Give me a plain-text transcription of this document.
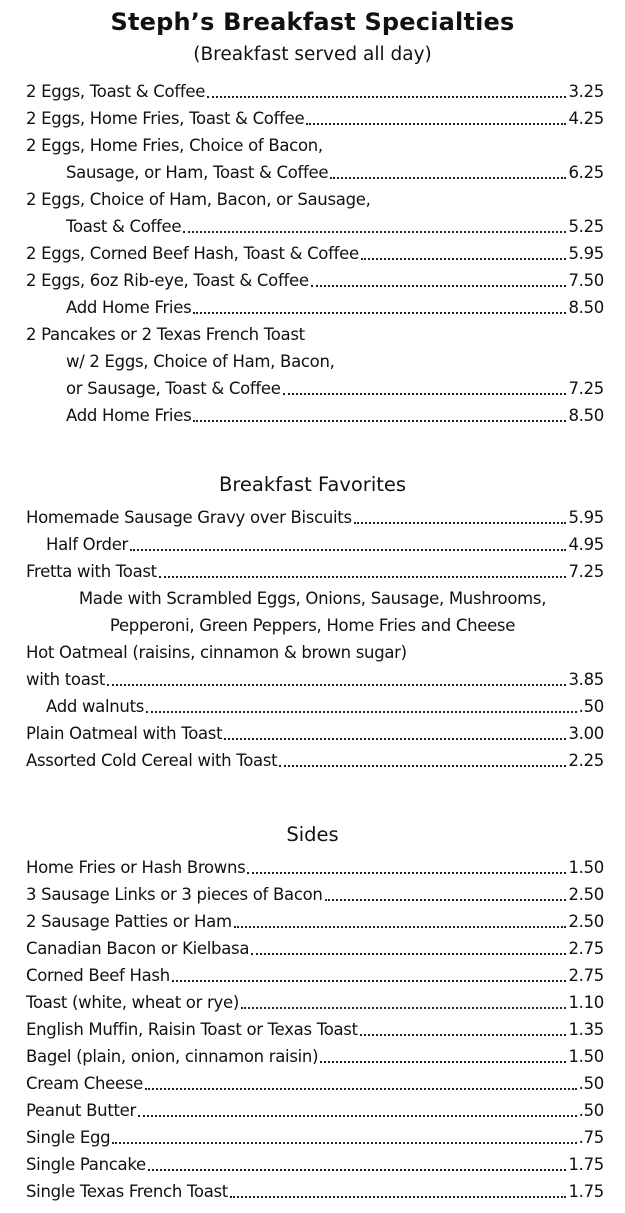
Steph’s Breakfast Specialties
(Breakfast served all day)
2 Eggs, Toast & Coffee	3.25
2 Eggs, Home Fries, Toast & Coffee	4.25
2 Eggs, Home Fries, Choice of Bacon,
Sausage, or Ham, Toast & Coffee	6.25
2 Eggs, Choice of Ham, Bacon, or Sausage,
Toast & Coffee	5.25
2 Eggs, Corned Beef Hash, Toast & Coffee	5.95
2 Eggs, 6oz Rib-eye, Toast & Coffee	7.50
Add Home Fries	8.50
2 Pancakes or 2 Texas French Toast
w/ 2 Eggs, Choice of Ham, Bacon,
or Sausage, Toast & Coffee	7.25
Add Home Fries	8.50
Breakfast Favorites
Homemade Sausage Gravy over Biscuits	5.95
Half Order	4.95
Fretta with Toast	7.25
Made with Scrambled Eggs, Onions, Sausage, Mushrooms,
Pepperoni, Green Peppers, Home Fries and Cheese
Hot Oatmeal (raisins, cinnamon & brown sugar)
with toast	3.85
Add walnuts	.50
Plain Oatmeal with Toast	3.00
Assorted Cold Cereal with Toast	2.25
Sides
Home Fries or Hash Browns	1.50
3 Sausage Links or 3 pieces of Bacon	2.50
2 Sausage Patties or Ham	2.50
Canadian Bacon or Kielbasa	2.75
Corned Beef Hash	2.75
Toast (white, wheat or rye)	1.10
English Muffin, Raisin Toast or Texas Toast	1.35
Bagel (plain, onion, cinnamon raisin)	1.50
Cream Cheese	.50
Peanut Butter	.50
Single Egg	.75
Single Pancake	1.75
Single Texas French Toast	1.75
